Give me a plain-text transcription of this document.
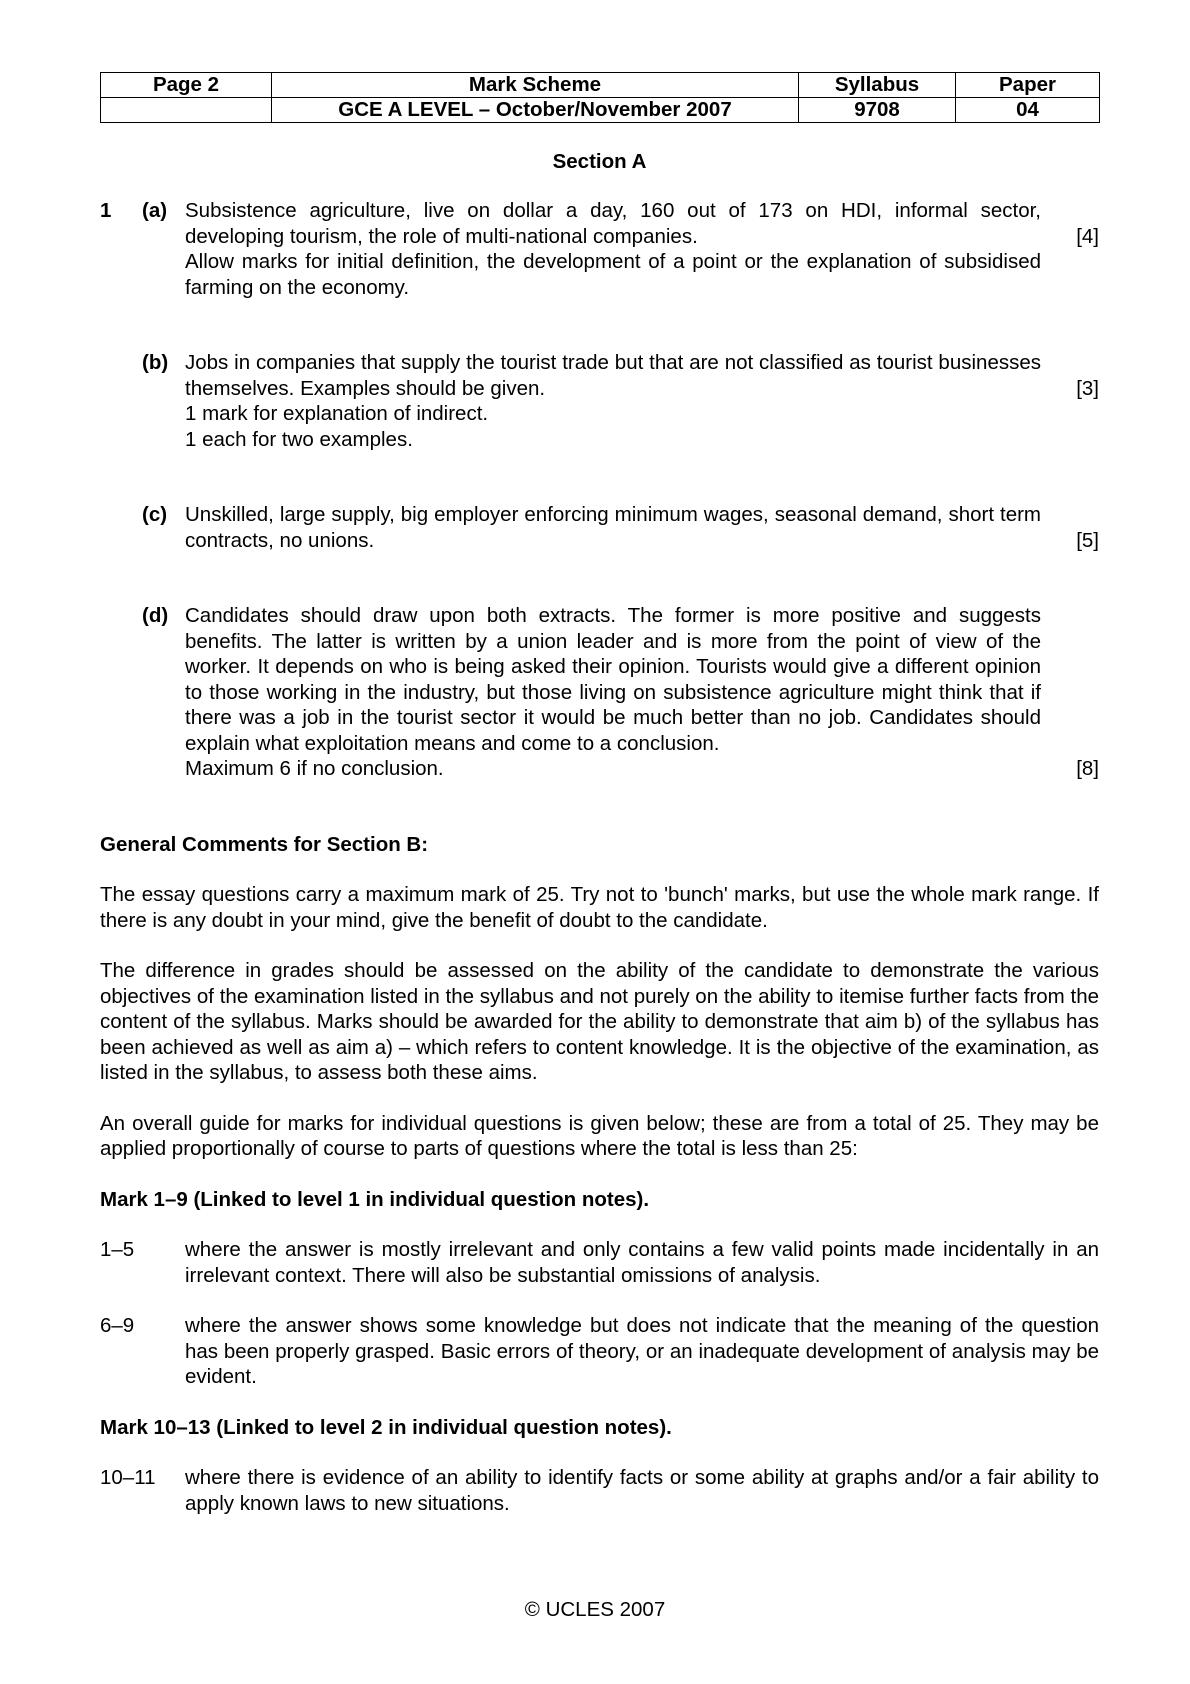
Page 2	Mark Scheme	Syllabus	Paper
	GCE A LEVEL – October/November 2007	9708	04
Section A
1 (a) Subsistence agriculture, live on dollar a day, 160 out of 173 on HDI, informal sector, developing tourism, the role of multi-national companies.

Allow marks for initial definition, the development of a point or the explanation of subsidised farming on the economy.

[4]
(b) Jobs in companies that supply the tourist trade but that are not classified as tourist businesses themselves. Examples should be given.

1 mark for explanation of indirect.

1 each for two examples.

[3]
(c) Unskilled, large supply, big employer enforcing minimum wages, seasonal demand, short term contracts, no unions.	[5]
(d) Candidates should draw upon both extracts. The former is more positive and suggests benefits. The latter is written by a union leader and is more from the point of view of the worker. It depends on who is being asked their opinion. Tourists would give a different opinion to those working in the industry, but those living on subsistence agriculture might think that if there was a job in the tourist sector it would be much better than no job. Candidates should explain what exploitation means and come to a conclusion.

Maximum 6 if no conclusion.	[8]
General Comments for Section B:

The essay questions carry a maximum mark of 25. Try not to 'bunch' marks, but use the whole mark range. If there is any doubt in your mind, give the benefit of doubt to the candidate.

The difference in grades should be assessed on the ability of the candidate to demonstrate the various objectives of the examination listed in the syllabus and not purely on the ability to itemise further facts from the content of the syllabus. Marks should be awarded for the ability to demonstrate that aim b) of the syllabus has been achieved as well as aim a) – which refers to content knowledge. It is the objective of the examination, as listed in the syllabus, to assess both these aims.

An overall guide for marks for individual questions is given below; these are from a total of 25. They may be applied proportionally of course to parts of questions where the total is less than 25:

Mark 1–9 (Linked to level 1 in individual question notes).
1–5 where the answer is mostly irrelevant and only contains a few valid points made incidentally in an irrelevant context. There will also be substantial omissions of analysis.
6–9 where the answer shows some knowledge but does not indicate that the meaning of the question has been properly grasped. Basic errors of theory, or an inadequate development of analysis may be evident.
Mark 10–13 (Linked to level 2 in individual question notes).
10–11 where there is evidence of an ability to identify facts or some ability at graphs and/or a fair ability to apply known laws to new situations.
© UCLES 2007
